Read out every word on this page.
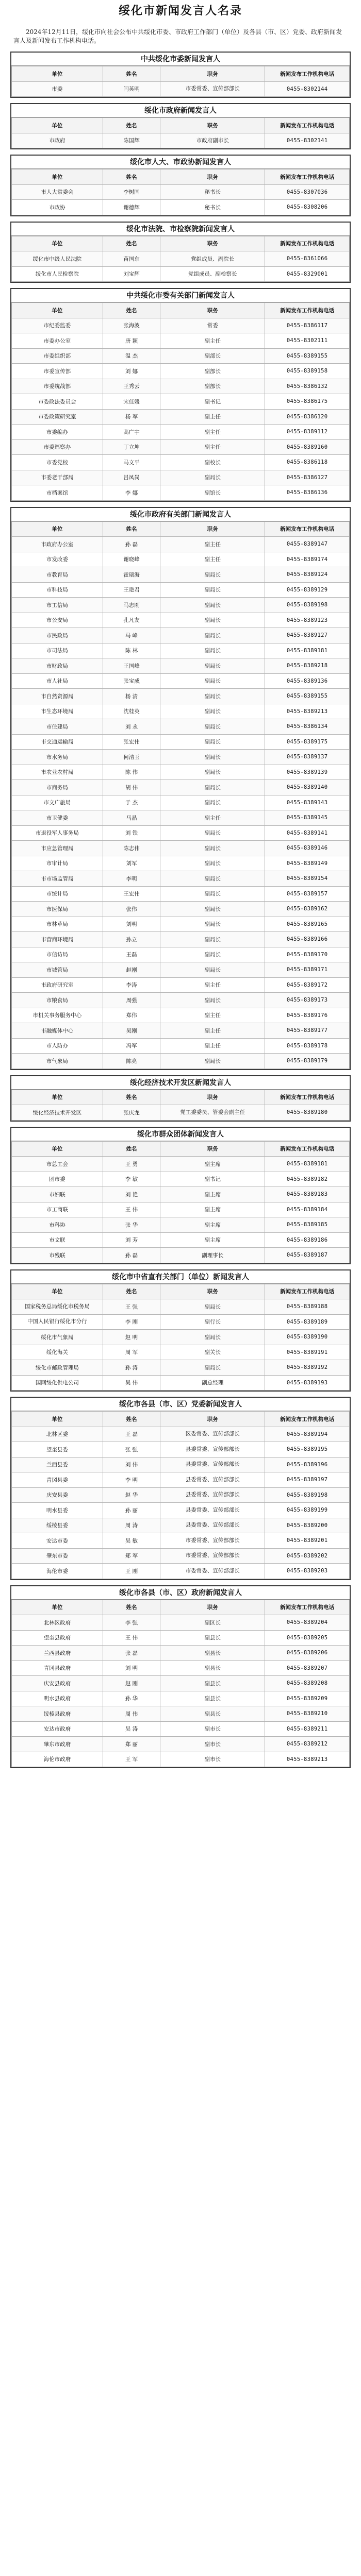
绥化市新闻发言人名录
2024年12月11日，绥化市向社会公布中共绥化市委、市政府工作部门（单位）及各县（市、区）党委、政府新闻发言人及新闻发布工作机构电话。
中共绥化市委新闻发言人
单位	姓名	职务	新闻发布工作机构电话
市委	闫英明	市委常委、宣传部部长	0455-8302144
绥化市政府新闻发言人
单位	姓名	职务	新闻发布工作机构电话
市政府	陈国辉	市政府副市长	0455-8302141
绥化市人大、市政协新闻发言人
单位	姓名	职务	新闻发布工作机构电话
市人大常委会	李树国	秘书长	0455-8307036
市政协	谢德辉	秘书长	0455-8308206
绥化市法院、市检察院新闻发言人
单位	姓名	职务	新闻发布工作机构电话
绥化市中级人民法院	苗国东	党组成员、副院长	0455-8361066
绥化市人民检察院	刘宝辉	党组成员、副检察长	0455-8329001
中共绥化市委有关部门新闻发言人
单位	姓名	职务	新闻发布工作机构电话
市纪委监委	张海波	常委	0455-8386117
市委办公室	唐 颖	副主任	0455-8302111
市委组织部	温 杰	副部长	0455-8389155
市委宣传部	刘 娜	副部长	0455-8389158
市委统战部	王秀云	副部长	0455-8386132
市委政法委员会	宋佳媛	副书记	0455-8386175
市委政策研究室	杨 军	副主任	0455-8386120
市委编办	高广宇	副主任	0455-8389112
市委巡察办	丁立坤	副主任	0455-8389160
市委党校	马文平	副校长	0455-8386118
市委老干部局	吕凤岗	副局长	0455-8386127
市档案馆	李 娜	副馆长	0455-8386136
绥化市政府有关部门新闻发言人
单位	姓名	职务	新闻发布工作机构电话
市政府办公室	孙 磊	副主任	0455-8389147
市发改委	谢晓峰	副主任	0455-8389174
市教育局	霍瑞海	副局长	0455-8389124
市科技局	王艳君	副局长	0455-8389129
市工信局	马志刚	副局长	0455-8389198
市公安局	孔凡友	副局长	0455-8389123
市民政局	马 峰	副局长	0455-8389127
市司法局	陈 林	副局长	0455-8389181
市财政局	王国峰	副局长	0455-8389218
市人社局	张宝成	副局长	0455-8389136
市自然资源局	杨 清	副局长	0455-8389155
市生态环境局	沈桂英	副局长	0455-8389213
市住建局	刘 永	副局长	0455-8386134
市交通运输局	张宏伟	副局长	0455-8389175
市水务局	何清玉	副局长	0455-8389137
市农业农村局	陈 伟	副局长	0455-8389139
市商务局	胡 伟	副局长	0455-8389140
市文广旅局	于 杰	副局长	0455-8389143
市卫健委	马晶	副主任	0455-8389145
市退役军人事务局	刘 铁	副局长	0455-8389141
市应急管理局	陈志伟	副局长	0455-8389146
市审计局	刘军	副局长	0455-8389149
市市场监管局	李明	副局长	0455-8389154
市统计局	王宏伟	副局长	0455-8389157
市医保局	张伟	副局长	0455-8389162
市林草局	刘明	副局长	0455-8389165
市营商环境局	孙立	副局长	0455-8389166
市信访局	王磊	副局长	0455-8389170
市城管局	赵刚	副局长	0455-8389171
市政府研究室	李涛	副主任	0455-8389172
市粮食局	周强	副局长	0455-8389173
市机关事务服务中心	郑伟	副主任	0455-8389176
市融媒体中心	吴刚	副主任	0455-8389177
市人防办	冯军	副主任	0455-8389178
市气象局	陈亮	副局长	0455-8389179
绥化经济技术开发区新闻发言人
单位	姓名	职务	新闻发布工作机构电话
绥化经济技术开发区	张庆龙	党工委委员、管委会副主任	0455-8389180
绥化市群众团体新闻发言人
单位	姓名	职务	新闻发布工作机构电话
市总工会	王 勇	副主席	0455-8389181
团市委	李 敏	副书记	0455-8389182
市妇联	刘 艳	副主席	0455-8389183
市工商联	王 伟	副主席	0455-8389184
市科协	张 华	副主席	0455-8389185
市文联	刘 芳	副主席	0455-8389186
市残联	孙 磊	副理事长	0455-8389187
绥化市中省直有关部门（单位）新闻发言人
单位	姓名	职务	新闻发布工作机构电话
国家税务总局绥化市税务局	王 强	副局长	0455-8389188
中国人民银行绥化市分行	李 刚	副行长	0455-8389189
绥化市气象局	赵 明	副局长	0455-8389190
绥化海关	周 军	副关长	0455-8389191
绥化市邮政管理局	孙 涛	副局长	0455-8389192
国网绥化供电公司	吴 伟	副总经理	0455-8389193
绥化市各县（市、区）党委新闻发言人
单位	姓名	职务	新闻发布工作机构电话
北林区委	王 磊	区委常委、宣传部部长	0455-8389194
望奎县委	张 强	县委常委、宣传部部长	0455-8389195
兰西县委	刘 伟	县委常委、宣传部部长	0455-8389196
青冈县委	李 明	县委常委、宣传部部长	0455-8389197
庆安县委	赵 华	县委常委、宣传部部长	0455-8389198
明水县委	孙 丽	县委常委、宣传部部长	0455-8389199
绥棱县委	周 涛	县委常委、宣传部部长	0455-8389200
安达市委	吴 敏	市委常委、宣传部部长	0455-8389201
肇东市委	郑 军	市委常委、宣传部部长	0455-8389202
海伦市委	王 刚	市委常委、宣传部部长	0455-8389203
绥化市各县（市、区）政府新闻发言人
单位	姓名	职务	新闻发布工作机构电话
北林区政府	李 强	副区长	0455-8389204
望奎县政府	王 伟	副县长	0455-8389205
兰西县政府	张 磊	副县长	0455-8389206
青冈县政府	刘 明	副县长	0455-8389207
庆安县政府	赵 刚	副县长	0455-8389208
明水县政府	孙 华	副县长	0455-8389209
绥棱县政府	周 伟	副县长	0455-8389210
安达市政府	吴 涛	副市长	0455-8389211
肇东市政府	郑 丽	副市长	0455-8389212
海伦市政府	王 军	副市长	0455-8389213
